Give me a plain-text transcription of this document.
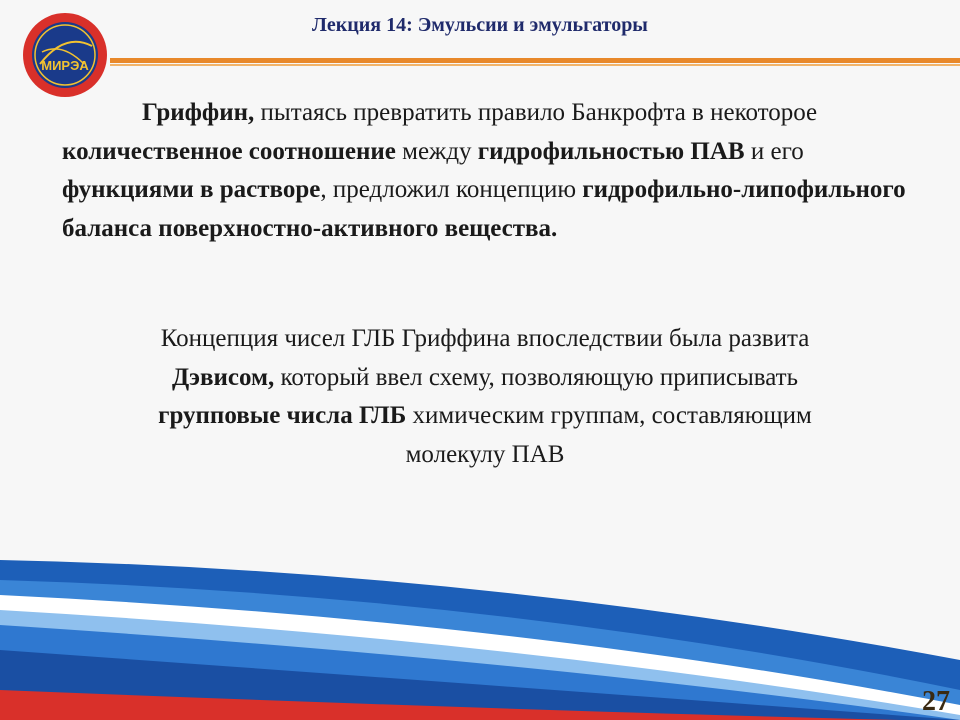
МИРЭА
Лекция 14: Эмульсии и эмульгаторы
Гриффин, пытаясь превратить правило Банкрофта в некоторое количественное соотношение между гидрофильностью ПАВ и его функциями в растворе, предложил концепцию гидрофильно-липофильного баланса поверхностно-активного вещества.
Концепция чисел ГЛБ Гриффина впоследствии была развита Дэвисом, который ввел схему, позволяющую приписывать групповые числа ГЛБ химическим группам, составляющим молекулу ПАВ
27
